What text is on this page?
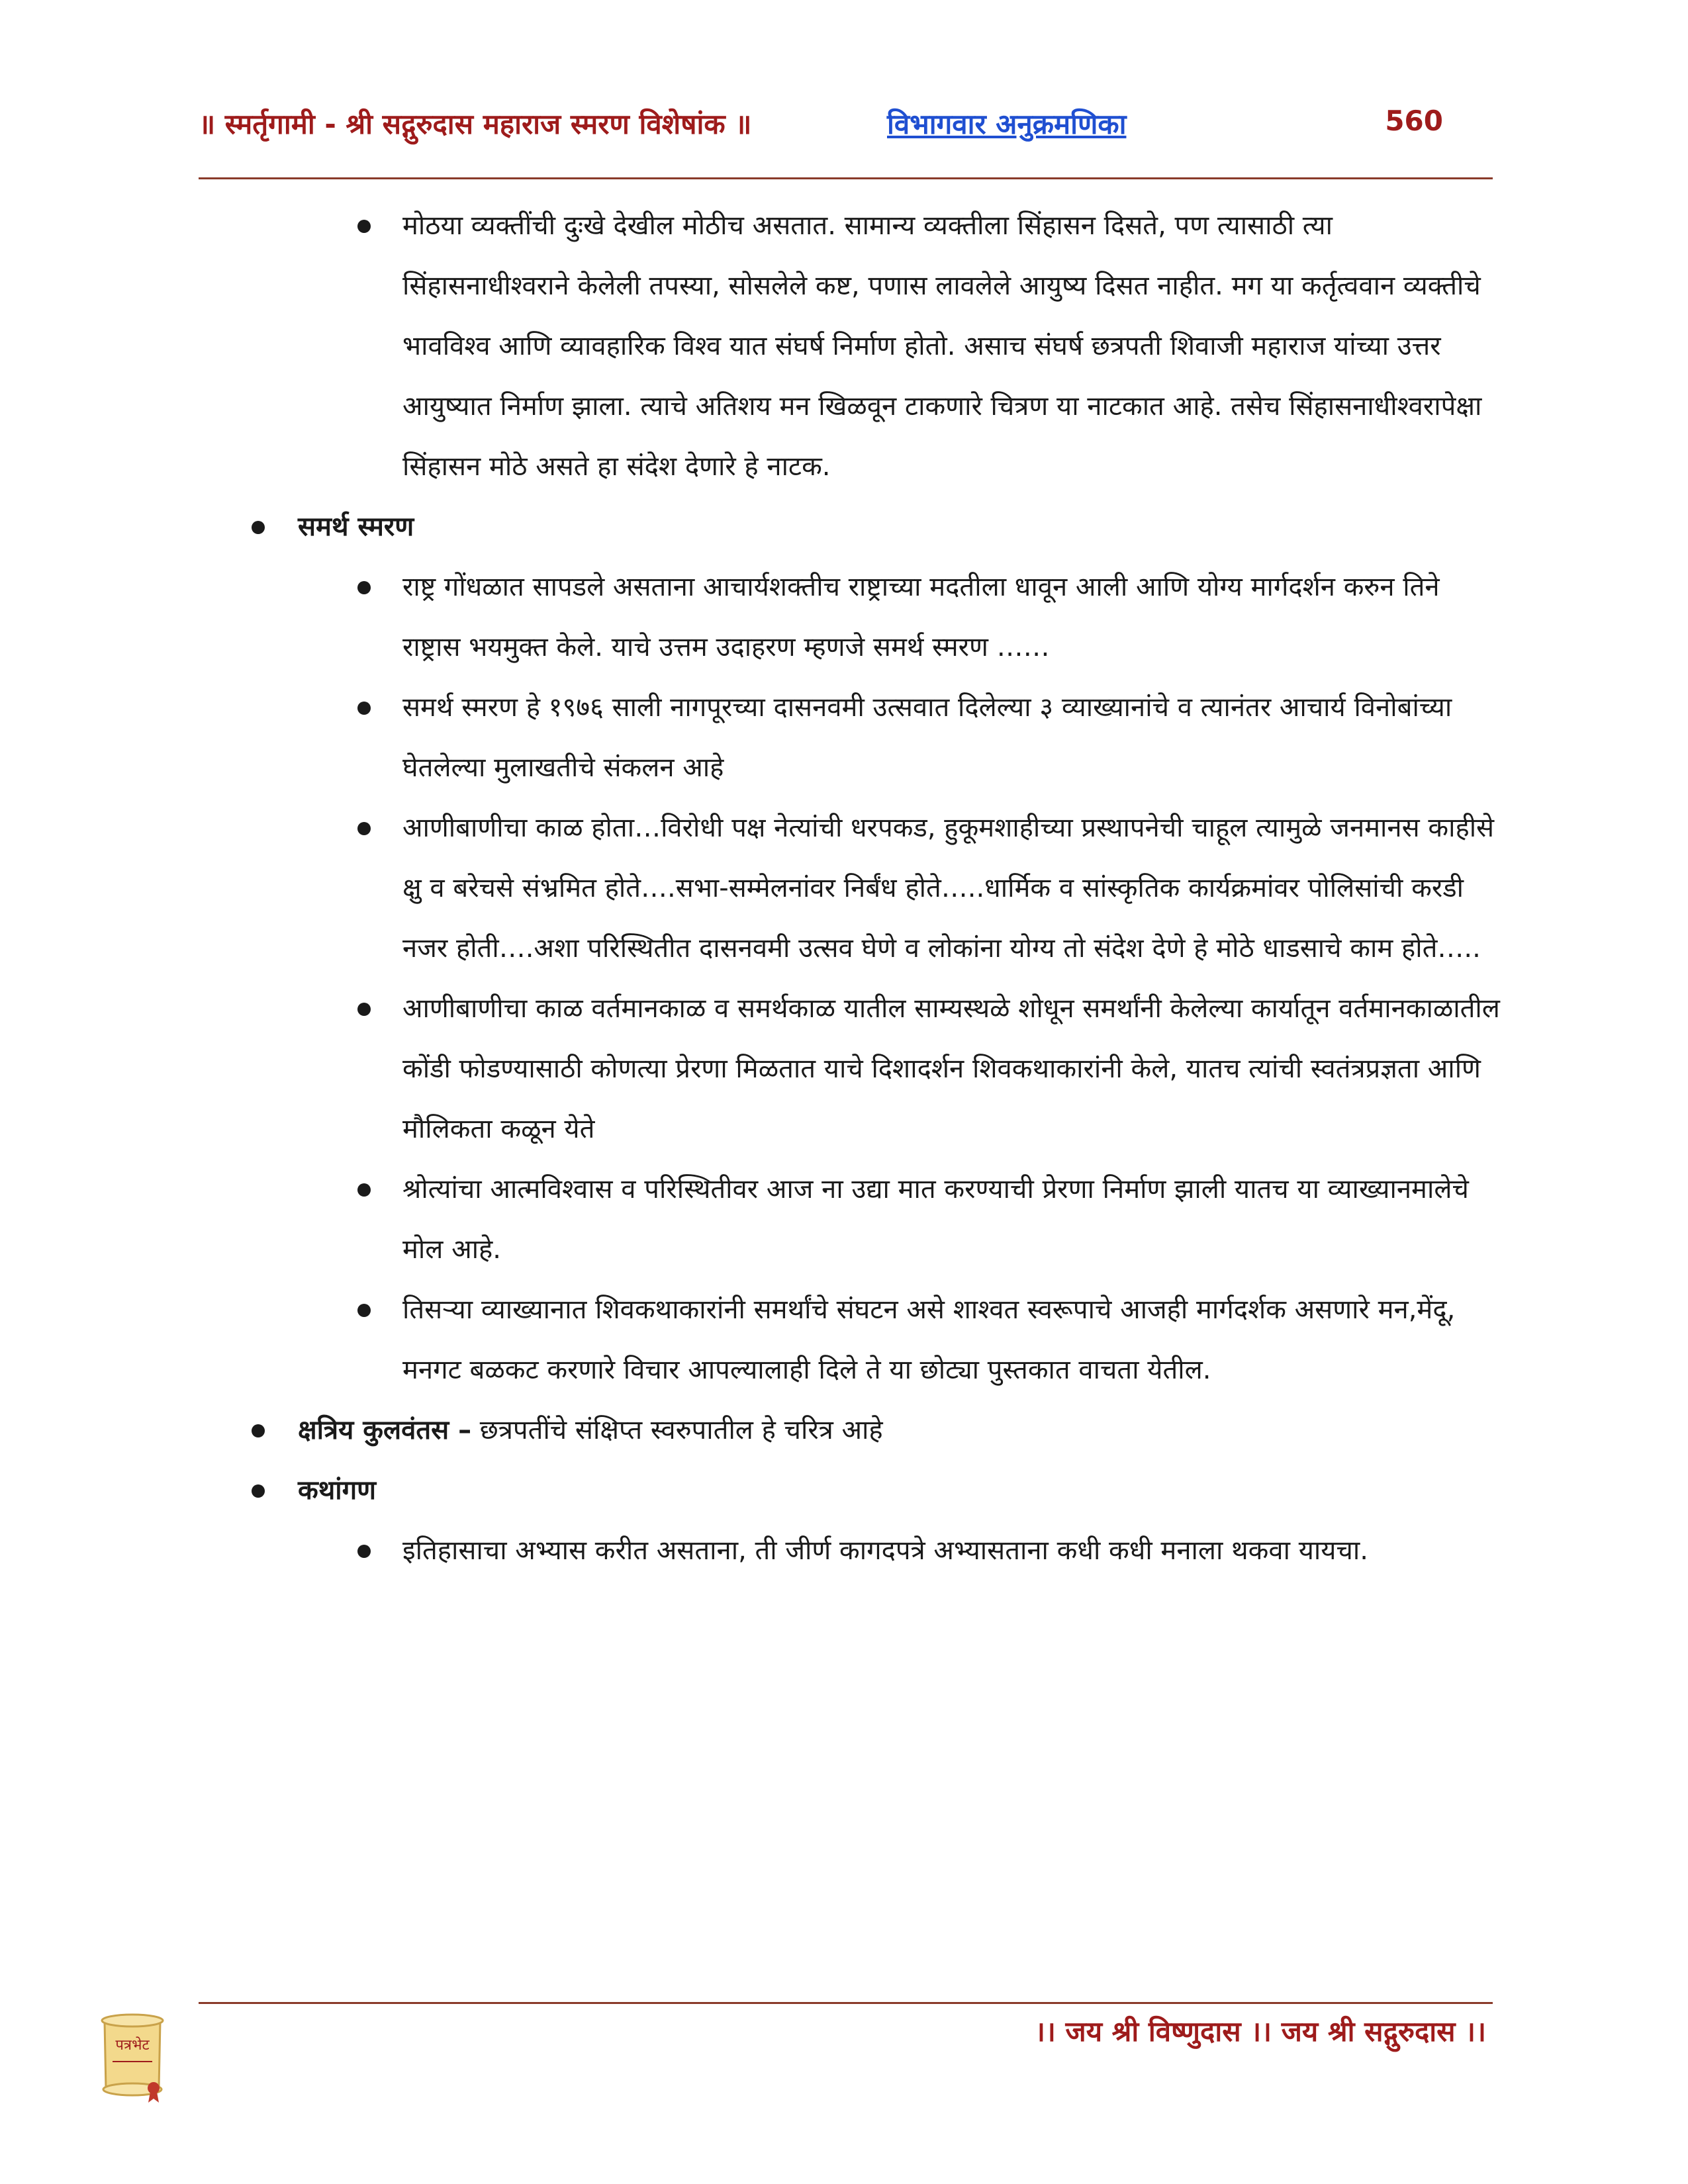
॥ स्मर्तृगामी - श्री सद्गुरुदास महाराज स्मरण विशेषांक ॥	विभागवार अनुक्रमणिका	560
मोठया व्यक्तींची दुःखे देखील मोठीच असतात. सामान्य व्यक्तीला सिंहासन दिसते, पण त्यासाठी त्या सिंहासनाधीश्वराने केलेली तपस्या, सोसलेले कष्ट, पणास लावलेले आयुष्य दिसत नाहीत. मग या कर्तृत्ववान व्यक्तीचे भावविश्व आणि व्यावहारिक विश्व यात संघर्ष निर्माण होतो. असाच संघर्ष छत्रपती शिवाजी महाराज यांच्या उत्तर आयुष्यात निर्माण झाला. त्याचे अतिशय मन खिळवून टाकणारे चित्रण या नाटकात आहे. तसेच सिंहासनाधीश्वरापेक्षा सिंहासन मोठे असते हा संदेश देणारे हे नाटक.
समर्थ स्मरण
राष्ट्र गोंधळात सापडले असताना आचार्यशक्तीच राष्ट्राच्या मदतीला धावून आली आणि योग्य मार्गदर्शन करुन तिने राष्ट्रास भयमुक्त केले. याचे उत्तम उदाहरण म्हणजे समर्थ स्मरण ……
समर्थ स्मरण हे १९७६ साली नागपूरच्या दासनवमी उत्सवात दिलेल्या ३ व्याख्यानांचे व त्यानंतर आचार्य विनोबांच्या घेतलेल्या मुलाखतीचे संकलन आहे
आणीबाणीचा काळ होता…विरोधी पक्ष नेत्यांची धरपकड, हुकूमशाहीच्या प्रस्थापनेची चाहूल त्यामुळे जनमानस काहीसे क्षु व बरेचसे संभ्रमित होते….सभा-सम्मेलनांवर निर्बंध होते…..धार्मिक व सांस्कृतिक कार्यक्रमांवर पोलिसांची करडी नजर होती….अशा परिस्थितीत दासनवमी उत्सव घेणे व लोकांना योग्य तो संदेश देणे हे मोठे धाडसाचे काम होते…..
आणीबाणीचा काळ वर्तमानकाळ व समर्थकाळ यातील साम्यस्थळे शोधून समर्थांनी केलेल्या कार्यातून वर्तमानकाळातील कोंडी फोडण्यासाठी कोणत्या प्रेरणा मिळतात याचे दिशादर्शन शिवकथाकारांनी केले, यातच त्यांची स्वतंत्रप्रज्ञता आणि मौलिकता कळून येते
श्रोत्यांचा आत्मविश्वास व परिस्थितीवर आज ना उद्या मात करण्याची प्रेरणा निर्माण झाली यातच या व्याख्यानमालेचे मोल आहे.
तिसऱ्या व्याख्यानात शिवकथाकारांनी समर्थांचे संघटन असे शाश्वत स्वरूपाचे आजही मार्गदर्शक असणारे मन,मेंदू, मनगट बळकट करणारे विचार आपल्यालाही दिले ते या छोट्या पुस्तकात वाचता येतील.
क्षत्रिय कुलवंतस – छत्रपतींचे संक्षिप्त स्वरुपातील हे चरित्र आहे
कथांगण
इतिहासाचा अभ्यास करीत असताना, ती जीर्ण कागदपत्रे अभ्यासताना कधी कधी मनाला थकवा यायचा.
पत्रभेट	।। जय श्री विष्णुदास ।। जय श्री सद्गुरुदास ।।
